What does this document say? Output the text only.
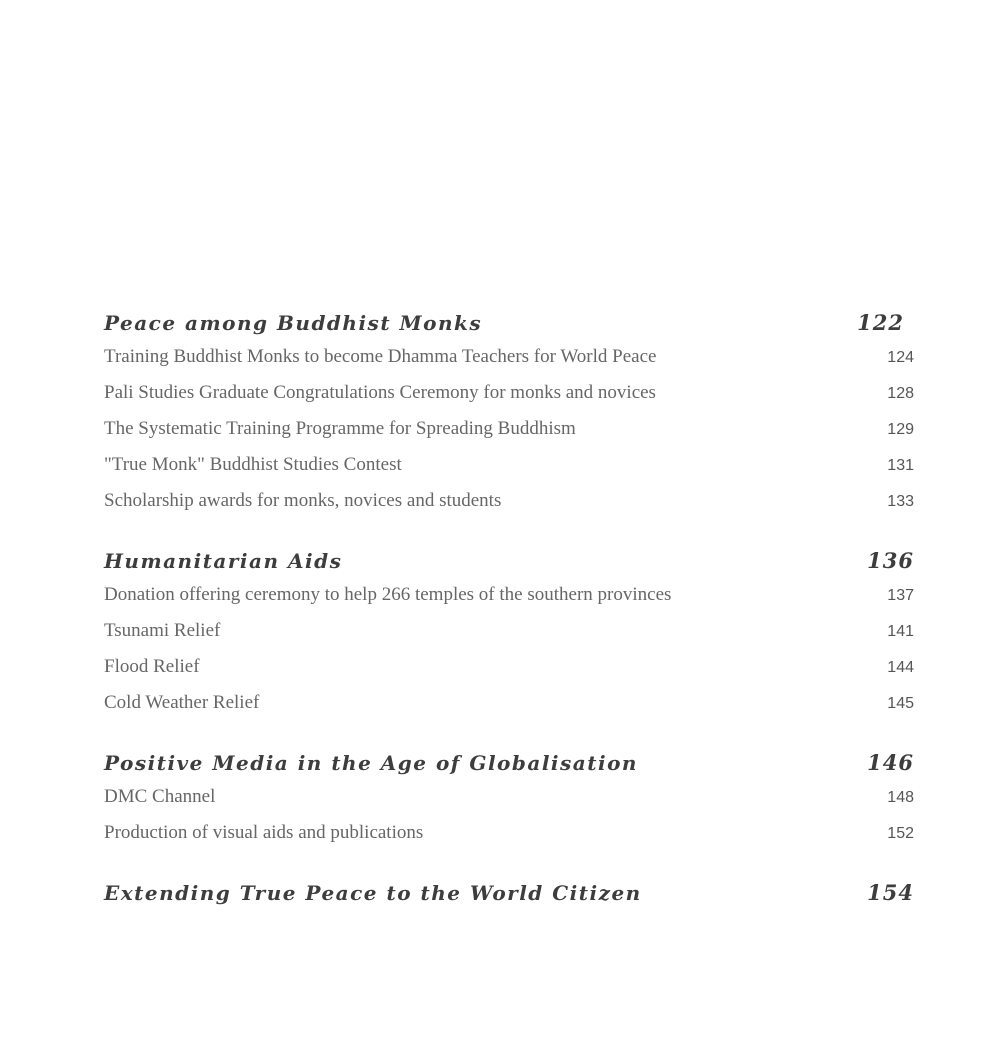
Peace among Buddhist Monks	122
Training Buddhist Monks to become Dhamma Teachers for World Peace	124
Pali Studies Graduate Congratulations Ceremony for monks and novices	128
The Systematic Training Programme for Spreading Buddhism	129
"True Monk" Buddhist Studies Contest	131
Scholarship awards for monks, novices and students	133
Humanitarian Aids	136
Donation offering ceremony to help 266 temples of the southern provinces	137
Tsunami Relief	141
Flood Relief	144
Cold Weather Relief	145
Positive Media in the Age of Globalisation	146
DMC Channel	148
Production of visual aids and publications	152
Extending True Peace to the World Citizen	154
